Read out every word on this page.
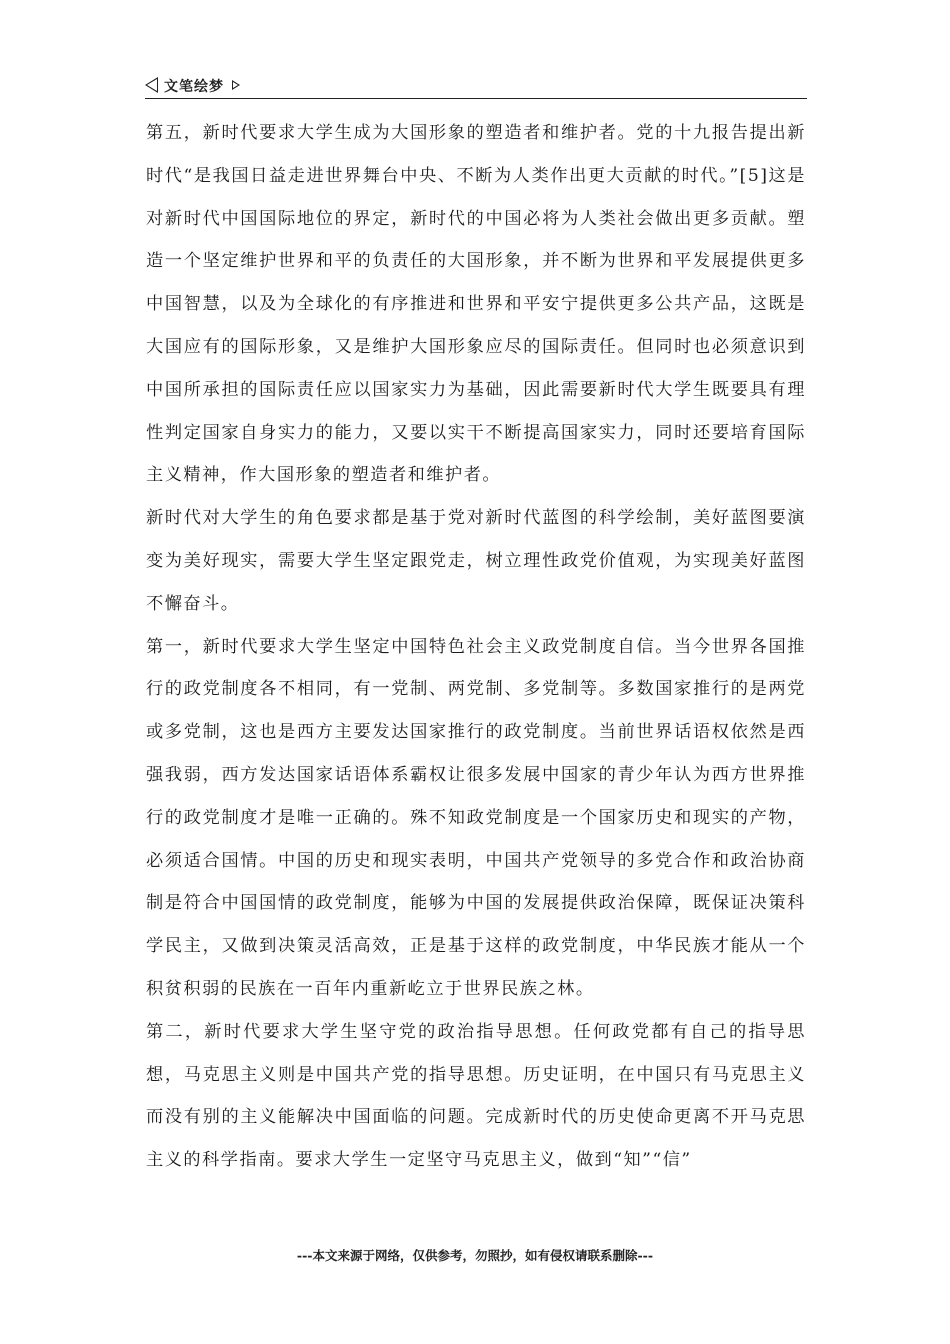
文笔绘梦

第五，新时代要求大学生成为大国形象的塑造者和维护者。党的十九报告提出新时代“是我国日益走进世界舞台中央、不断为人类作出更大贡献的时代。”[5]这是对新时代中国国际地位的界定，新时代的中国必将为人类社会做出更多贡献。塑造一个坚定维护世界和平的负责任的大国形象，并不断为世界和平发展提供更多中国智慧，以及为全球化的有序推进和世界和平安宁提供更多公共产品，这既是大国应有的国际形象，又是维护大国形象应尽的国际责任。但同时也必须意识到中国所承担的国际责任应以国家实力为基础，因此需要新时代大学生既要具有理性判定国家自身实力的能力，又要以实干不断提高国家实力，同时还要培育国际主义精神，作大国形象的塑造者和维护者。

新时代对大学生的角色要求都是基于党对新时代蓝图的科学绘制，美好蓝图要演变为美好现实，需要大学生坚定跟党走，树立理性政党价值观，为实现美好蓝图不懈奋斗。

第一，新时代要求大学生坚定中国特色社会主义政党制度自信。当今世界各国推行的政党制度各不相同，有一党制、两党制、多党制等。多数国家推行的是两党或多党制，这也是西方主要发达国家推行的政党制度。当前世界话语权依然是西强我弱，西方发达国家话语体系霸权让很多发展中国家的青少年认为西方世界推行的政党制度才是唯一正确的。殊不知政党制度是一个国家历史和现实的产物，必须适合国情。中国的历史和现实表明，中国共产党领导的多党合作和政治协商制是符合中国国情的政党制度，能够为中国的发展提供政治保障，既保证决策科学民主，又做到决策灵活高效，正是基于这样的政党制度，中华民族才能从一个积贫积弱的民族在一百年内重新屹立于世界民族之林。

第二，新时代要求大学生坚守党的政治指导思想。任何政党都有自己的指导思想，马克思主义则是中国共产党的指导思想。历史证明，在中国只有马克思主义而没有别的主义能解决中国面临的问题。完成新时代的历史使命更离不开马克思主义的科学指南。要求大学生一定坚守马克思主义，做到“知”“信”

---本文来源于网络，仅供参考，勿照抄，如有侵权请联系删除---
